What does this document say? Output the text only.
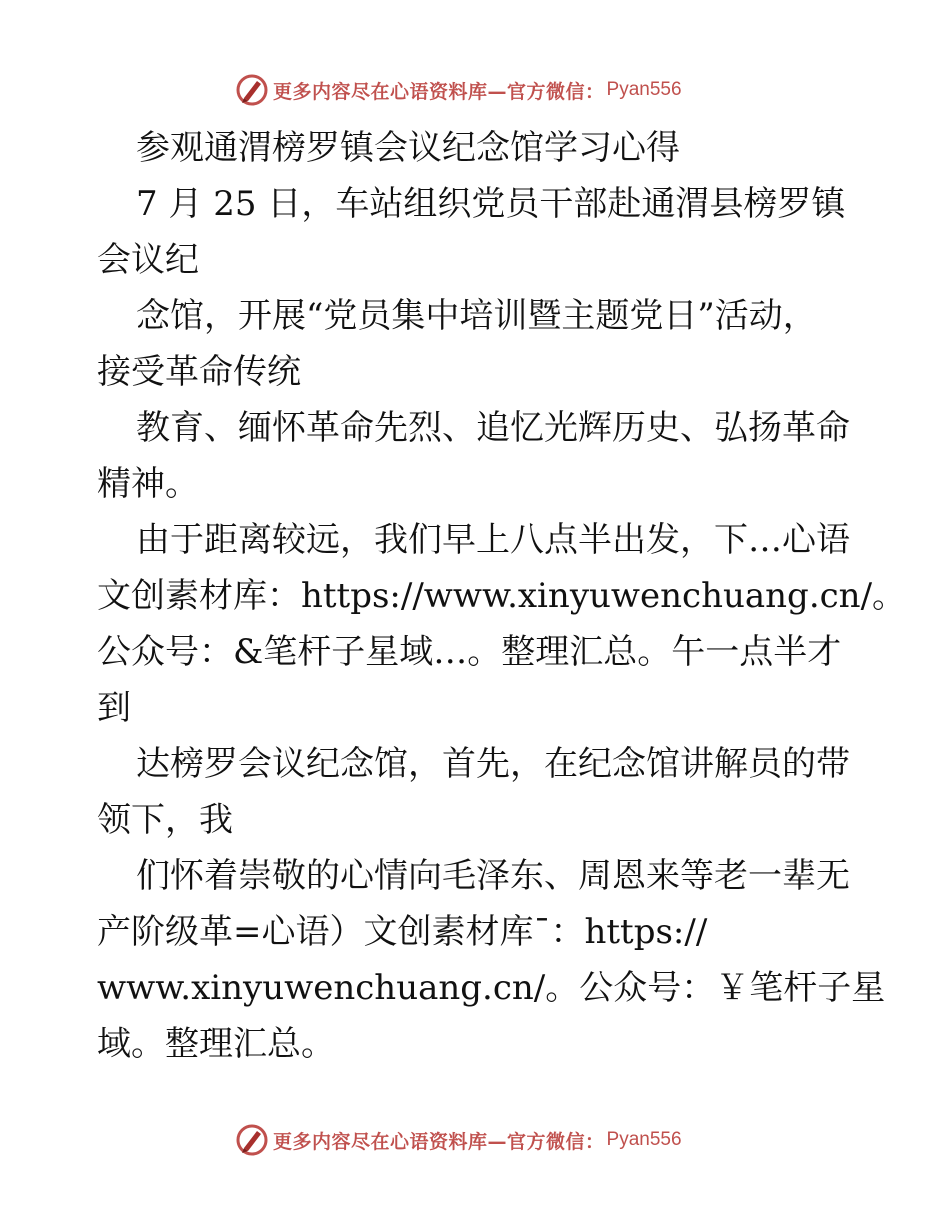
更多内容尽在心语资料库—官方微信： Pyan556
参观通渭榜罗镇会议纪念馆学习心得
7 月 25 日，车站组织党员干部赴通渭县榜罗镇
会议纪
念馆，开展“党员集中培训暨主题党日”活动，
接受革命传统
教育、缅怀革命先烈、追忆光辉历史、弘扬革命
精神。
由于距离较远，我们早上八点半出发，下…心语
文创素材库：https://www.xinyuwenchuang.cn/。
公众号：&笔杆子星域…。整理汇总。午一点半才
到
达榜罗会议纪念馆，首先，在纪念馆讲解员的带
领下，我
们怀着崇敬的心情向毛泽东、周恩来等老一辈无
产阶级革=心语）文创素材库¯：https://
www.xinyuwenchuang.cn/。公众号：￥笔杆子星
域。整理汇总。
更多内容尽在心语资料库—官方微信： Pyan556
